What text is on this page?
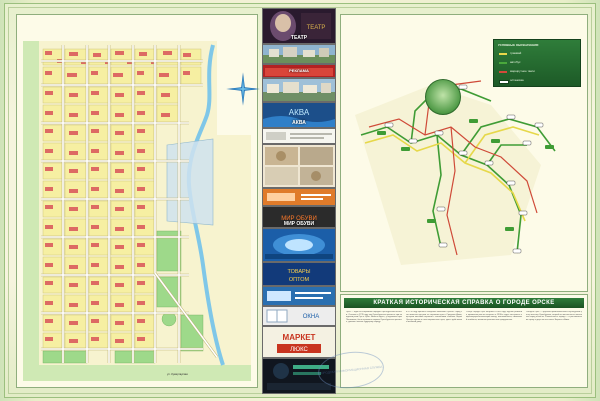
ул. Кумертауская
ТЕАТР
ТЕАТР
РЕКЛАМА
АКВА
АКВА
МИР ОБУВИ
МИР ОБУВИ
ТОВАРЫ
ОПТОМ
ОКНА
МАРКЕТ
ЛЮКС
УСЛОВНЫЕ ОБОЗНАЧЕНИЯ
трамвай
автобус
маршрутное такси
остановка
КРАТКАЯ ИСТОРИЧЕСКАЯ СПРАВКА О ГОРОДЕ ОРСКЕ
Орск — один из старейших городов Оренбургской области. Основан в 1735 году как Оренбургская крепость при впадении реки Орь в Урал. Именно здесь, у подножия горы Полковник, была заложена первая Оренбургская крепость, давшая начало будущему городу.
В 1739 году крепость получила название Орская. Город стал важным пунктом на торговом пути в Среднюю Азию, центром меновой торговли с казахскими степями. Через Орскую крепость шли караванные пути, здесь действовал меновой двор.
Статус города Орск получил в 1865 году. Бурное развитие промышленности началось в 1930-е годы: построены нефтеперерабатывающий завод, мясокомбинат, никелевый комбинат, машиностроительные предприятия.
Сегодня Орск — крупный промышленный и культурный центр востока Оренбуржья, второй по численности населения город области. Уникальность города — в расположении сразу в двух частях света: Европе и Азии.
ГОРОДСКАЯ ИНФОРМАЦИОННАЯ СЛУЖБА
